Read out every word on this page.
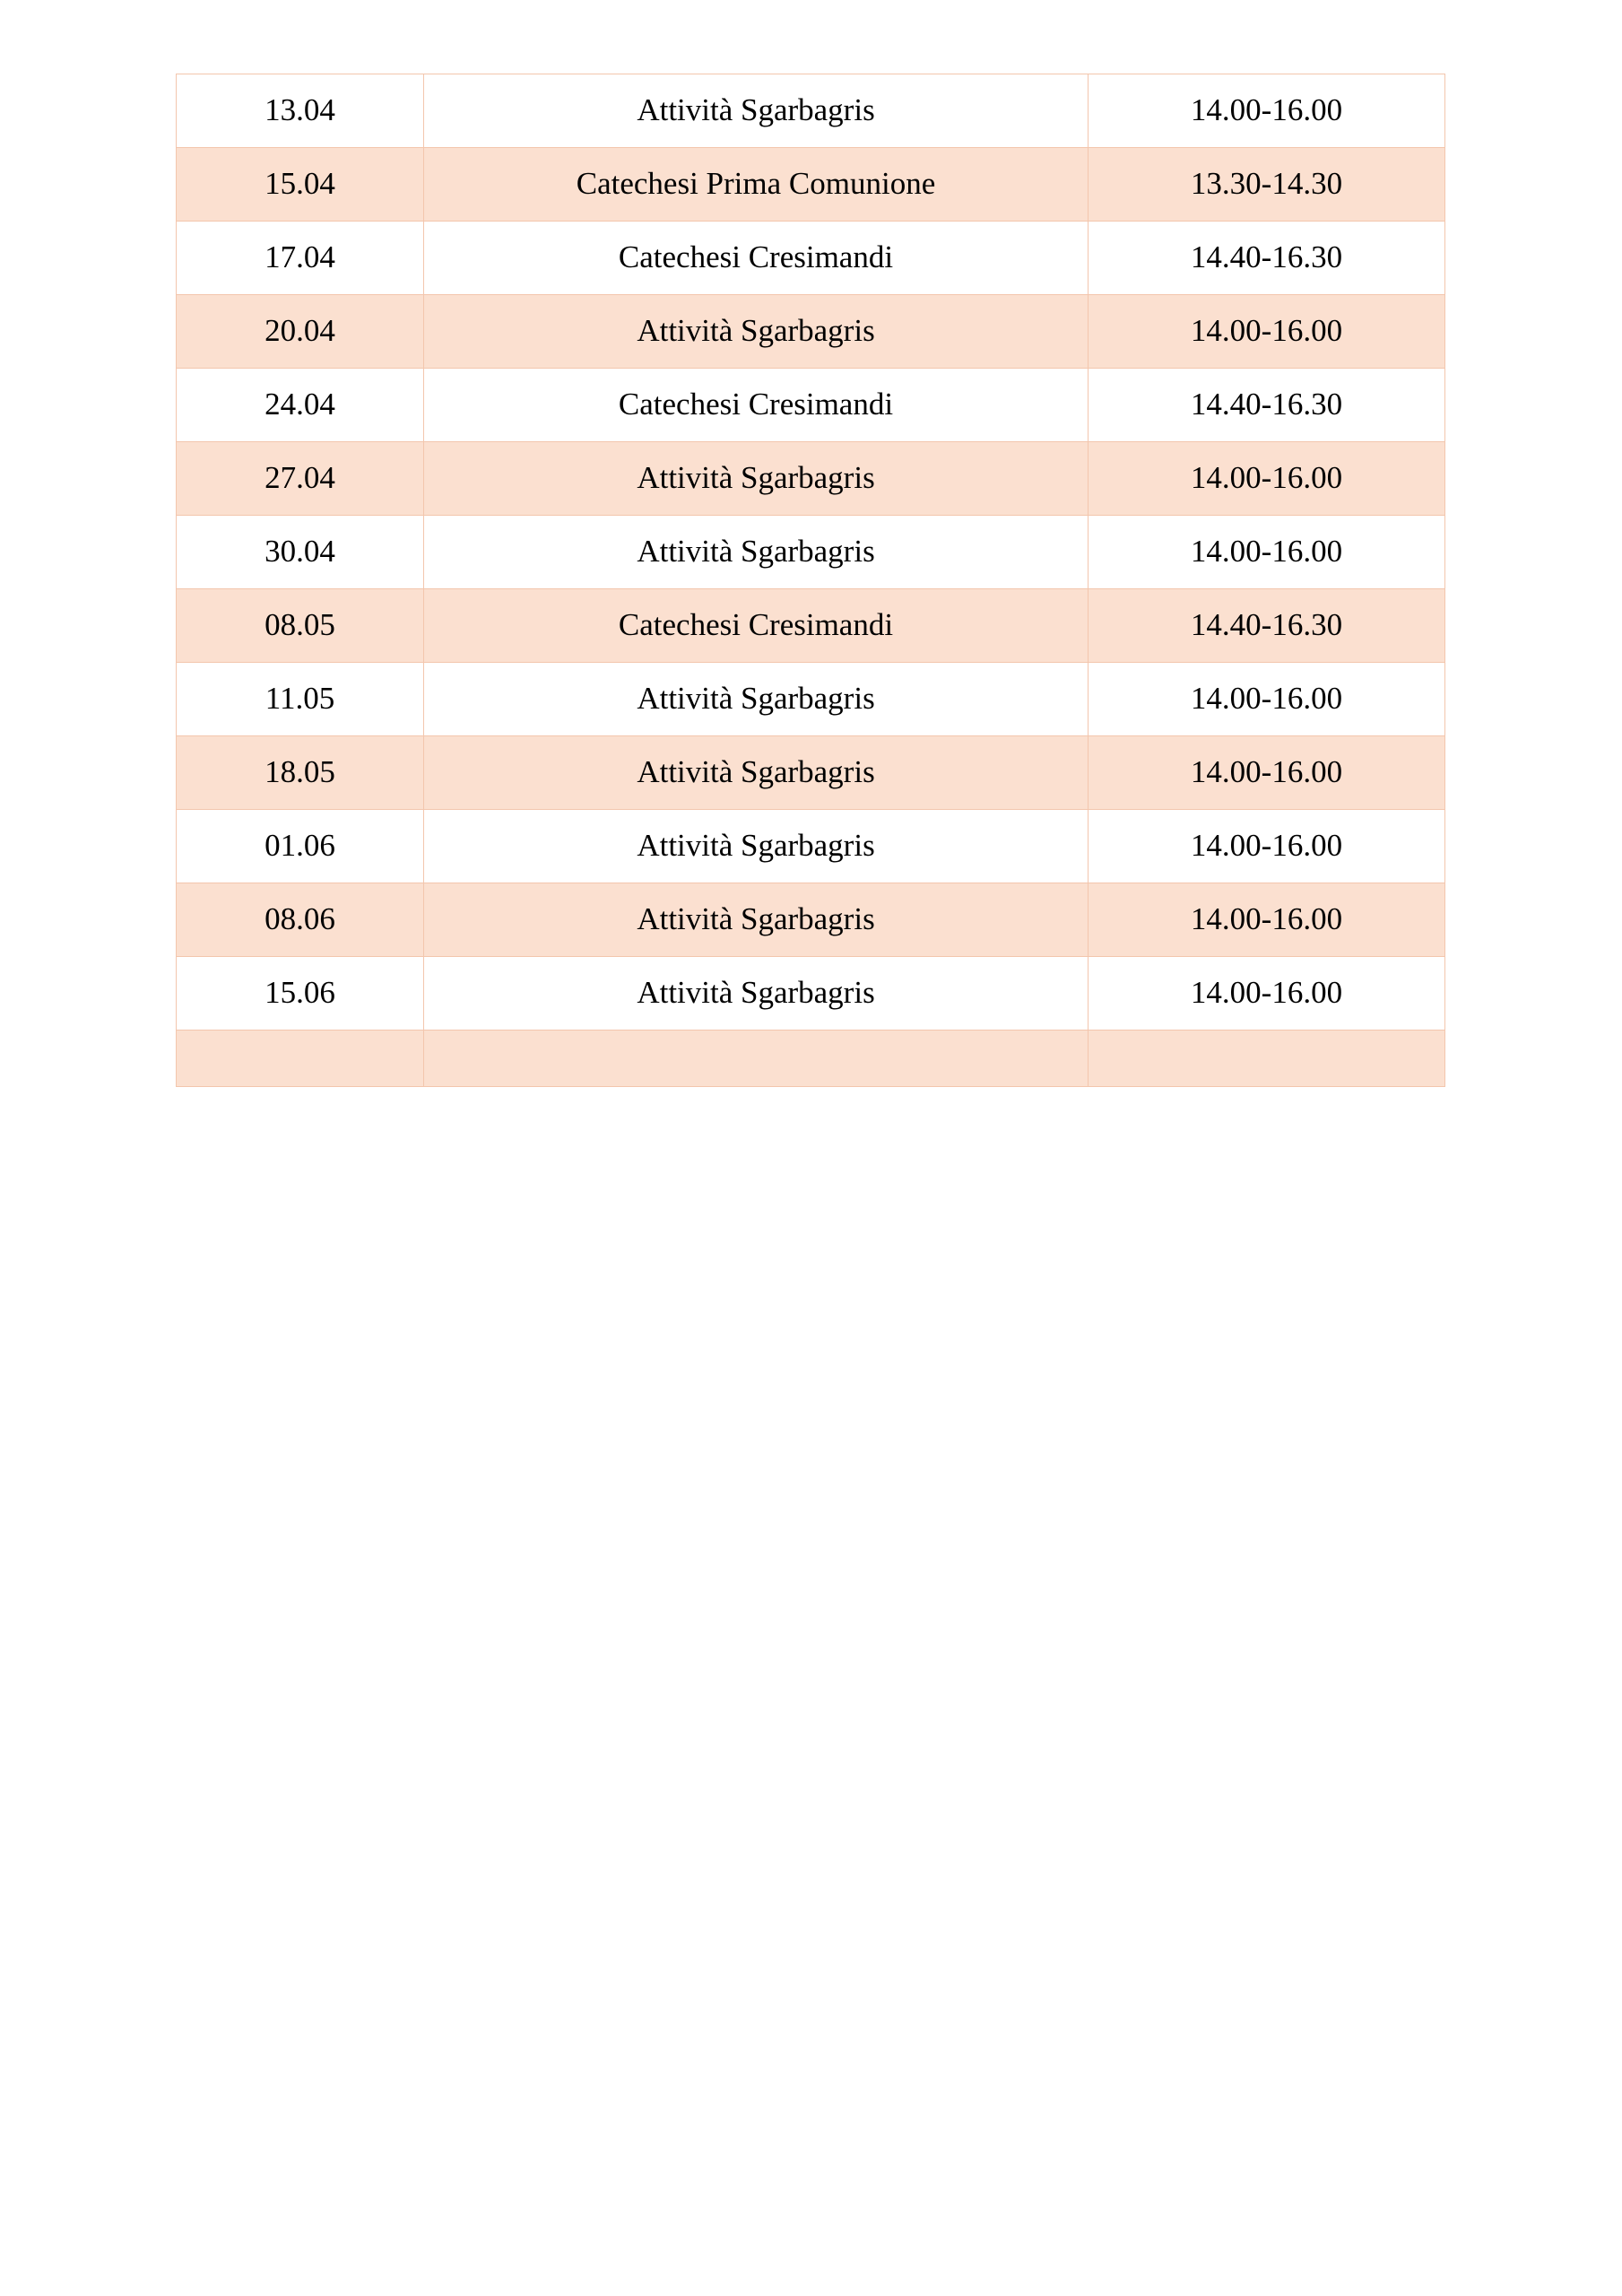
13.04	Attività Sgarbagris	14.00-16.00
15.04	Catechesi Prima Comunione	13.30-14.30
17.04	Catechesi Cresimandi	14.40-16.30
20.04	Attività Sgarbagris	14.00-16.00
24.04	Catechesi Cresimandi	14.40-16.30
27.04	Attività Sgarbagris	14.00-16.00
30.04	Attività Sgarbagris	14.00-16.00
08.05	Catechesi Cresimandi	14.40-16.30
11.05	Attività Sgarbagris	14.00-16.00
18.05	Attività Sgarbagris	14.00-16.00
01.06	Attività Sgarbagris	14.00-16.00
08.06	Attività Sgarbagris	14.00-16.00
15.06	Attività Sgarbagris	14.00-16.00
